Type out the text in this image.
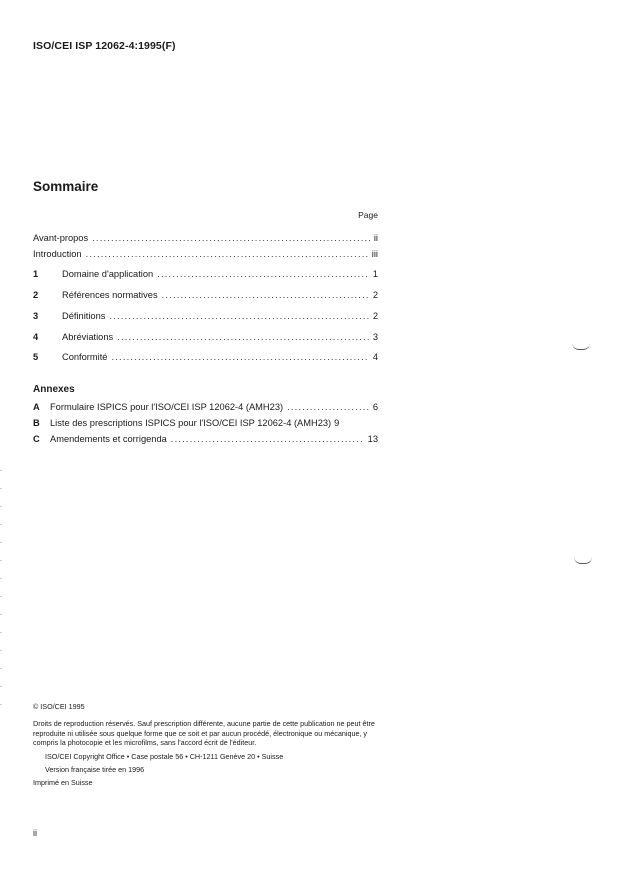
ISO/CEI ISP 12062-4:1995(F)
Sommaire
Page
Avant-propos .....	ii
Introduction .....	iii
1	Domaine d'application .....	1
2	Références normatives .....	2
3	Définitions .....	2
4	Abréviations .....	3
5	Conformité .....	4
Annexes
A	Formulaire ISPICS pour l'ISO/CEI ISP 12062-4 (AMH23) .....	6
B	Liste des prescriptions ISPICS pour l'ISO/CEI ISP 12062-4 (AMH23) 9
C	Amendements et corrigenda .....	13

© ISO/CEI 1995

Droits de reproduction réservés. Sauf prescription différente, aucune partie de cette publication ne peut être reproduite ni utilisée sous quelque forme que ce soit et par aucun procédé, électronique ou mécanique, y compris la photocopie et les microfilms, sans l'accord écrit de l'éditeur.

ISO/CEI Copyright Office • Case postale 56 • CH-1211 Genève 20 • Suisse

Version française tirée en 1996

Imprimé en Suisse

ii
